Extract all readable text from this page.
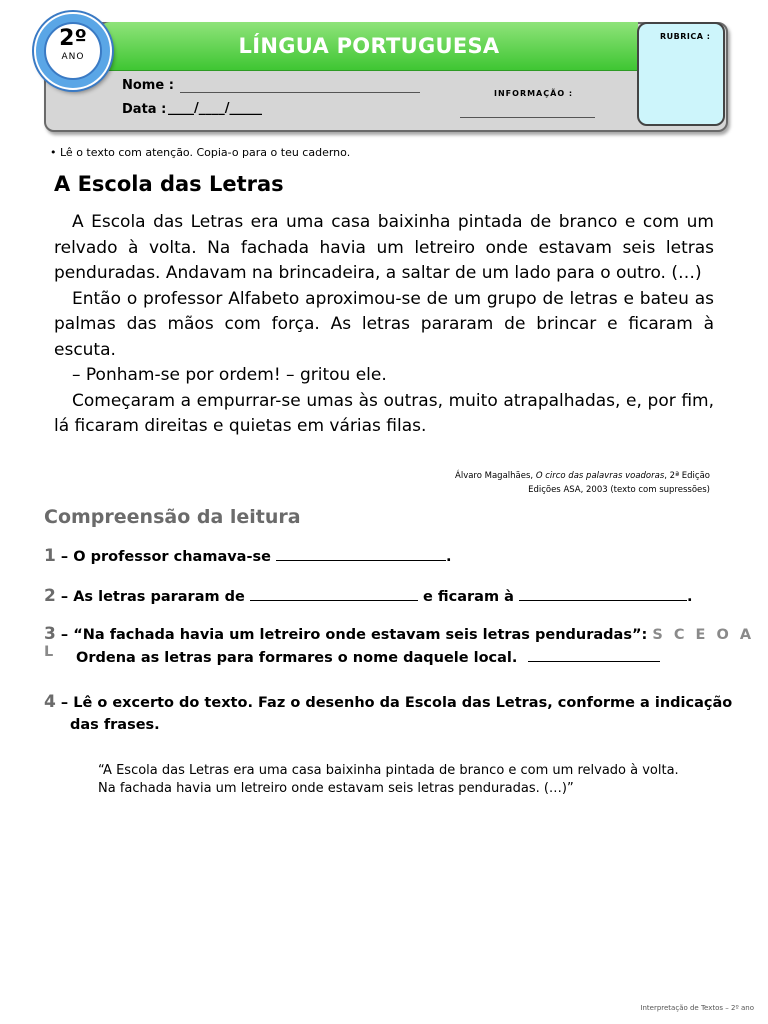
LÍNGUA PORTUGUESA
2º
ANO
Nome :
Data : ____/____/_____
INFORMAÇÃO :
RUBRICA :
• Lê o texto com atenção. Copia-o para o teu caderno.
A Escola das Letras

A Escola das Letras era uma casa baixinha pintada de branco e com um relvado à volta. Na fachada havia um letreiro onde estavam seis letras penduradas. Andavam na brincadeira, a saltar de um lado para o outro. (…)

Então o professor Alfabeto aproximou-se de um grupo de letras e bateu as palmas das mãos com força. As letras pararam de brincar e ficaram à escuta.

– Ponham-se por ordem! – gritou ele.

Começaram a empurrar-se umas às outras, muito atrapalhadas, e, por fim, lá ficaram direitas e quietas em várias filas.

Álvaro Magalhães, O circo das palavras voadoras, 2ª Edição
Edições ASA, 2003 (texto com supressões)
Compreensão da leitura
1 – O professor chamava-se	.
2 – As letras pararam de	e ficaram à	.
3 – “Na fachada havia um letreiro onde estavam seis letras penduradas”: S C E O A L	Ordena as letras para formares o nome daquele local.
4 – Lê o excerto do texto. Faz o desenho da Escola das Letras, conforme a indicação
das frases.
“A Escola das Letras era uma casa baixinha pintada de branco e com um relvado à volta. Na fachada havia um letreiro onde estavam seis letras penduradas. (…)”
Interpretação de Textos – 2º ano
